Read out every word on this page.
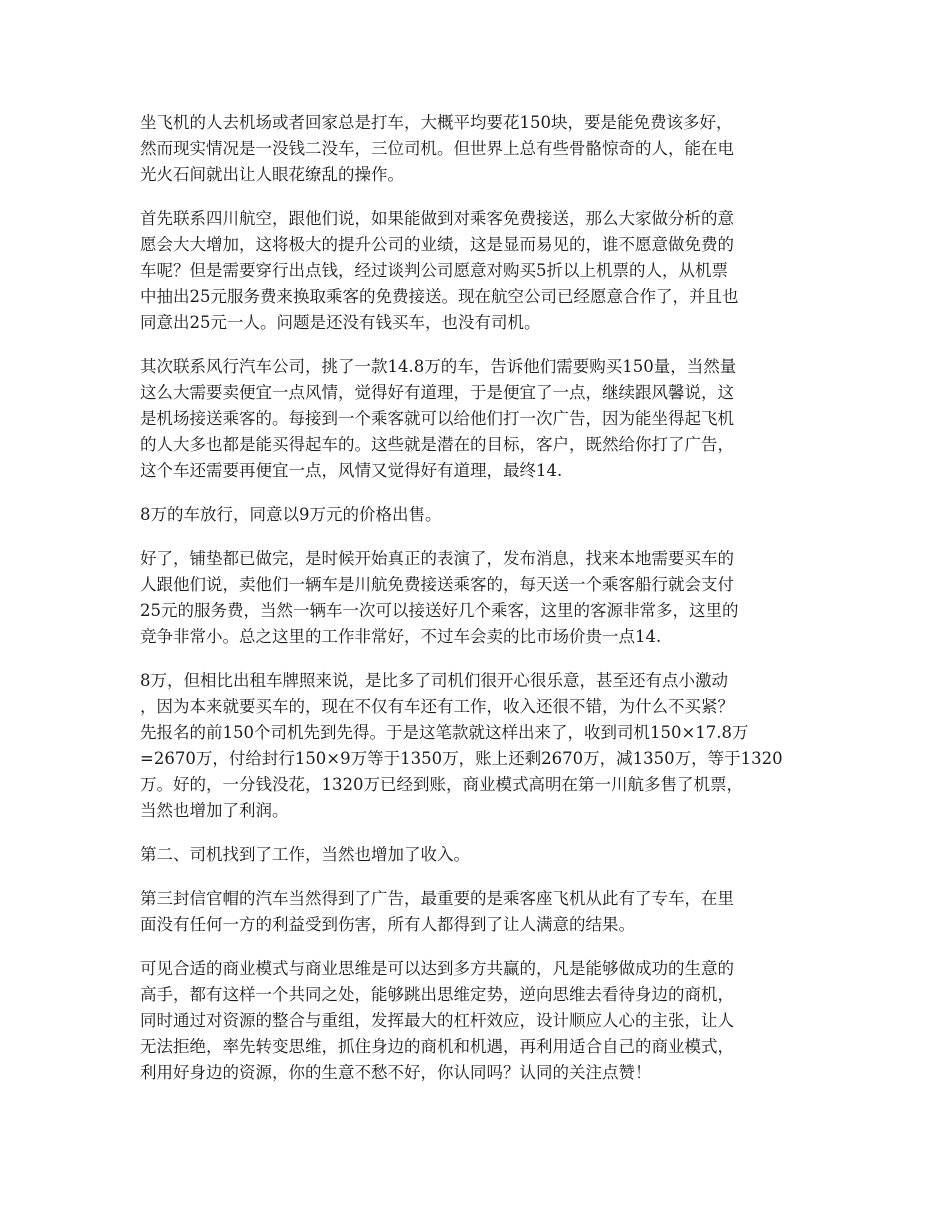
坐飞机的人去机场或者回家总是打车，大概平均要花150块，要是能免费该多好，
然而现实情况是一没钱二没车，三位司机。但世界上总有些骨骼惊奇的人，能在电
光火石间就出让人眼花缭乱的操作。

首先联系四川航空，跟他们说，如果能做到对乘客免费接送，那么大家做分析的意
愿会大大增加，这将极大的提升公司的业绩，这是显而易见的，谁不愿意做免费的
车呢？但是需要穿行出点钱，经过谈判公司愿意对购买5折以上机票的人，从机票
中抽出25元服务费来换取乘客的免费接送。现在航空公司已经愿意合作了，并且也
同意出25元一人。问题是还没有钱买车，也没有司机。

其次联系风行汽车公司，挑了一款14.8万的车，告诉他们需要购买150量，当然量
这么大需要卖便宜一点风情，觉得好有道理，于是便宜了一点，继续跟风馨说，这
是机场接送乘客的。每接到一个乘客就可以给他们打一次广告，因为能坐得起飞机
的人大多也都是能买得起车的。这些就是潜在的目标，客户，既然给你打了广告，
这个车还需要再便宜一点，风情又觉得好有道理，最终14.

8万的车放行，同意以9万元的价格出售。

好了，铺垫都已做完，是时候开始真正的表演了，发布消息，找来本地需要买车的
人跟他们说，卖他们一辆车是川航免费接送乘客的，每天送一个乘客船行就会支付
25元的服务费，当然一辆车一次可以接送好几个乘客，这里的客源非常多，这里的
竞争非常小。总之这里的工作非常好，不过车会卖的比市场价贵一点14.

8万，但相比出租车牌照来说，是比多了司机们很开心很乐意，甚至还有点小激动
，因为本来就要买车的，现在不仅有车还有工作，收入还很不错，为什么不买紧？
先报名的前150个司机先到先得。于是这笔款就这样出来了，收到司机150×17.8万
=2670万，付给封行150×9万等于1350万，账上还剩2670万，减1350万，等于1320
万。好的，一分钱没花，1320万已经到账，商业模式高明在第一川航多售了机票，
当然也增加了利润。

第二、司机找到了工作，当然也增加了收入。

第三封信官帽的汽车当然得到了广告，最重要的是乘客座飞机从此有了专车，在里
面没有任何一方的利益受到伤害，所有人都得到了让人满意的结果。

可见合适的商业模式与商业思维是可以达到多方共赢的，凡是能够做成功的生意的
高手，都有这样一个共同之处，能够跳出思维定势，逆向思维去看待身边的商机，
同时通过对资源的整合与重组，发挥最大的杠杆效应，设计顺应人心的主张，让人
无法拒绝，率先转变思维，抓住身边的商机和机遇，再利用适合自己的商业模式，
利用好身边的资源，你的生意不愁不好，你认同吗？认同的关注点赞！
